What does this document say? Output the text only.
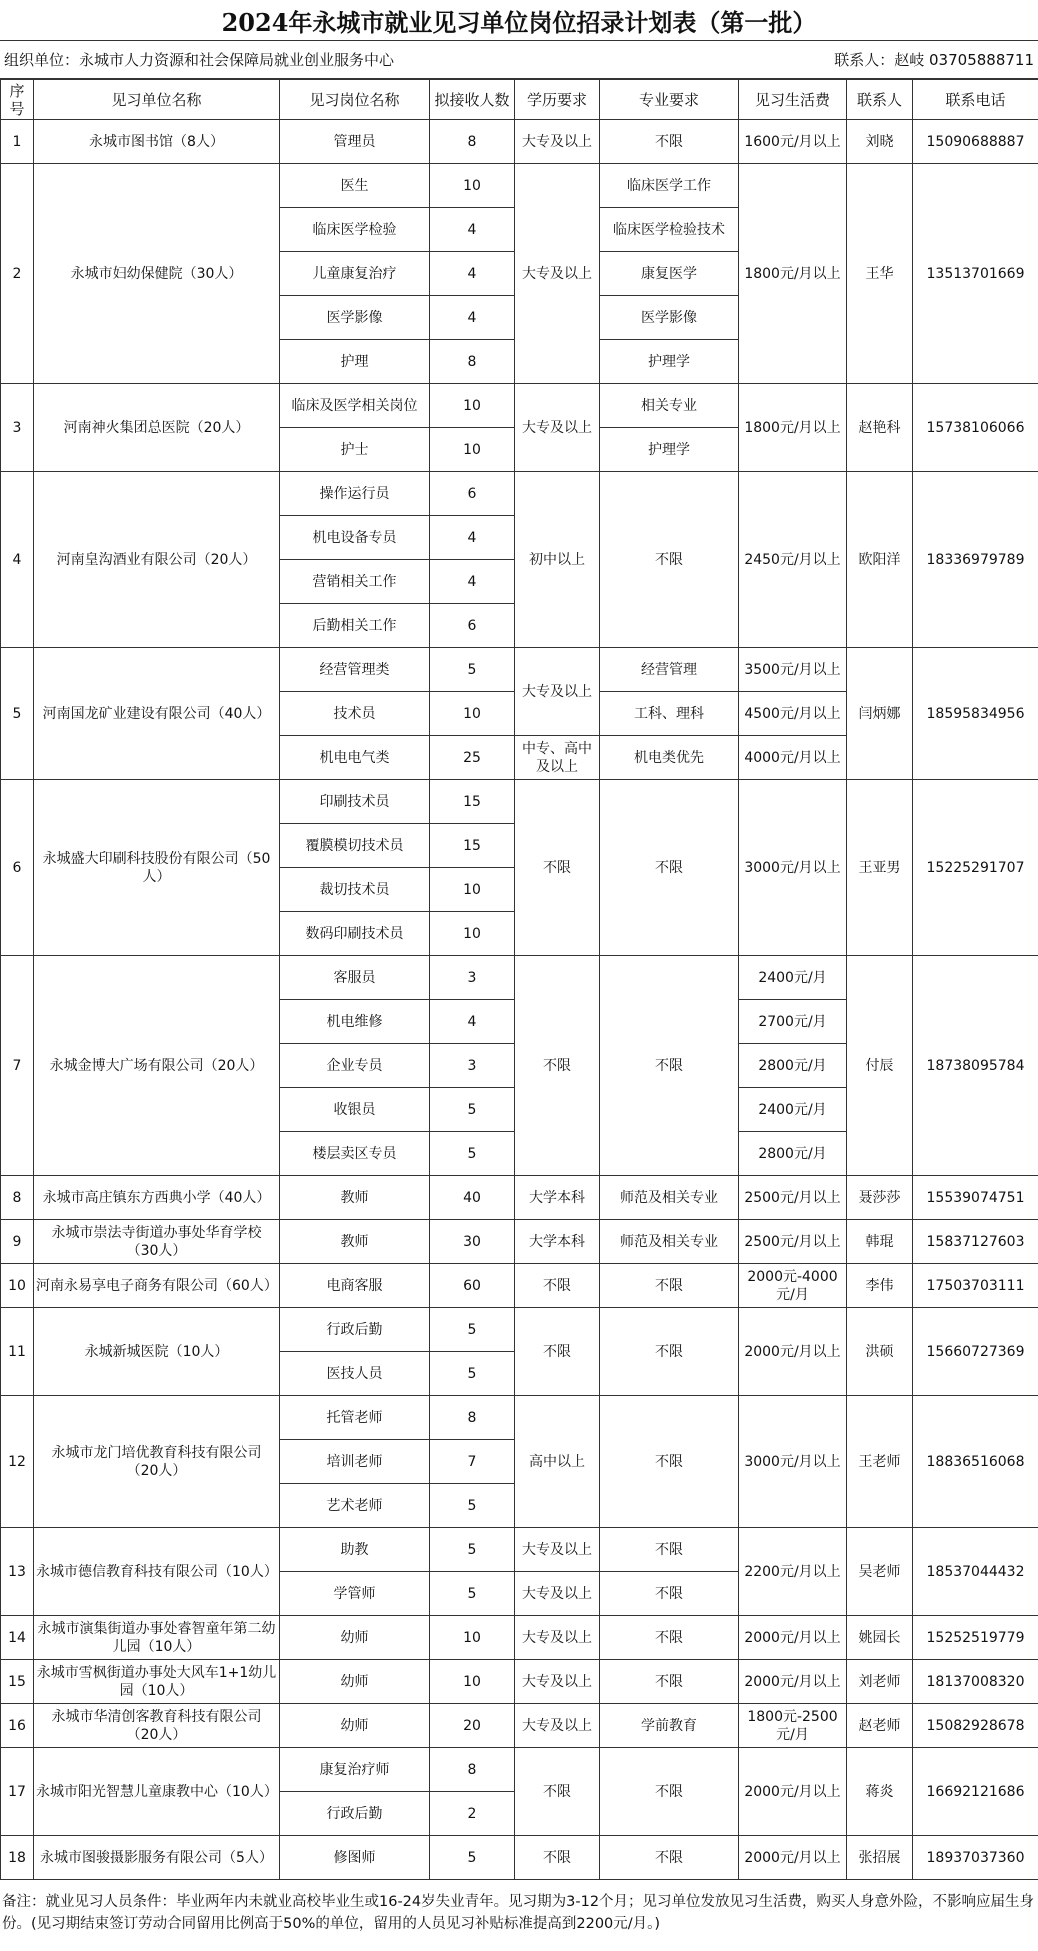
2024年永城市就业见习单位岗位招录计划表（第一批）
组织单位：永城市人力资源和社会保障局就业创业服务中心	联系人：赵岐 03705888711
序号	见习单位名称	见习岗位名称	拟接收人数	学历要求	专业要求	见习生活费	联系人	联系电话
1	永城市图书馆（8人）	管理员	8	大专及以上	不限	1600元/月以上	刘晓	15090688887
2	永城市妇幼保健院（30人）	医生	10	大专及以上	临床医学工作	1800元/月以上	王华	13513701669
		临床医学检验	4		临床医学检验技术			
		儿童康复治疗	4		康复医学			
		医学影像	4		医学影像			
		护理	8		护理学			
3	河南神火集团总医院（20人）	临床及医学相关岗位	10	大专及以上	相关专业	1800元/月以上	赵艳科	15738106066
		护士	10		护理学			
4	河南皇沟酒业有限公司（20人）	操作运行员	6	初中以上	不限	2450元/月以上	欧阳洋	18336979789
		机电设备专员	4					
		营销相关工作	4					
		后勤相关工作	6					
5	河南国龙矿业建设有限公司（40人）	经营管理类	5	大专及以上	经营管理	3500元/月以上	闫炳娜	18595834956
		技术员	10		工科、理科	4500元/月以上		
		机电电气类	25	中专、高中及以上	机电类优先	4000元/月以上		
6	永城盛大印刷科技股份有限公司（50人）	印刷技术员	15	不限	不限	3000元/月以上	王亚男	15225291707
		覆膜模切技术员	15					
		裁切技术员	10					
		数码印刷技术员	10					
7	永城金博大广场有限公司（20人）	客服员	3	不限	不限	2400元/月	付辰	18738095784
		机电维修	4			2700元/月		
		企业专员	3			2800元/月		
		收银员	5			2400元/月		
		楼层卖区专员	5			2800元/月		
8	永城市高庄镇东方西典小学（40人）	教师	40	大学本科	师范及相关专业	2500元/月以上	聂莎莎	15539074751
9	永城市崇法寺街道办事处华育学校（30人）	教师	30	大学本科	师范及相关专业	2500元/月以上	韩琨	15837127603
10	河南永易享电子商务有限公司（60人）	电商客服	60	不限	不限	2000元-4000元/月	李伟	17503703111
11	永城新城医院（10人）	行政后勤	5	不限	不限	2000元/月以上	洪硕	15660727369
		医技人员	5					
12	永城市龙门培优教育科技有限公司（20人）	托管老师	8	高中以上	不限	3000元/月以上	王老师	18836516068
		培训老师	7					
		艺术老师	5					
13	永城市德信教育科技有限公司（10人）	助教	5	大专及以上	不限	2200元/月以上	吴老师	18537044432
		学管师	5	大专及以上	不限			
14	永城市演集街道办事处睿智童年第二幼儿园（10人）	幼师	10	大专及以上	不限	2000元/月以上	姚园长	15252519779
15	永城市雪枫街道办事处大风车1+1幼儿园（10人）	幼师	10	大专及以上	不限	2000元/月以上	刘老师	18137008320
16	永城市华清创客教育科技有限公司（20人）	幼师	20	大专及以上	学前教育	1800元-2500元/月	赵老师	15082928678
17	永城市阳光智慧儿童康教中心（10人）	康复治疗师	8	不限	不限	2000元/月以上	蒋炎	16692121686
		行政后勤	2					
18	永城市图骏摄影服务有限公司（5人）	修图师	5	不限	不限	2000元/月以上	张招展	18937037360
备注：就业见习人员条件：毕业两年内未就业高校毕业生或16-24岁失业青年。见习期为3-12个月；见习单位发放见习生活费，购买人身意外险，不影响应届生身份。(见习期结束签订劳动合同留用比例高于50%的单位，留用的人员见习补贴标准提高到2200元/月。)
